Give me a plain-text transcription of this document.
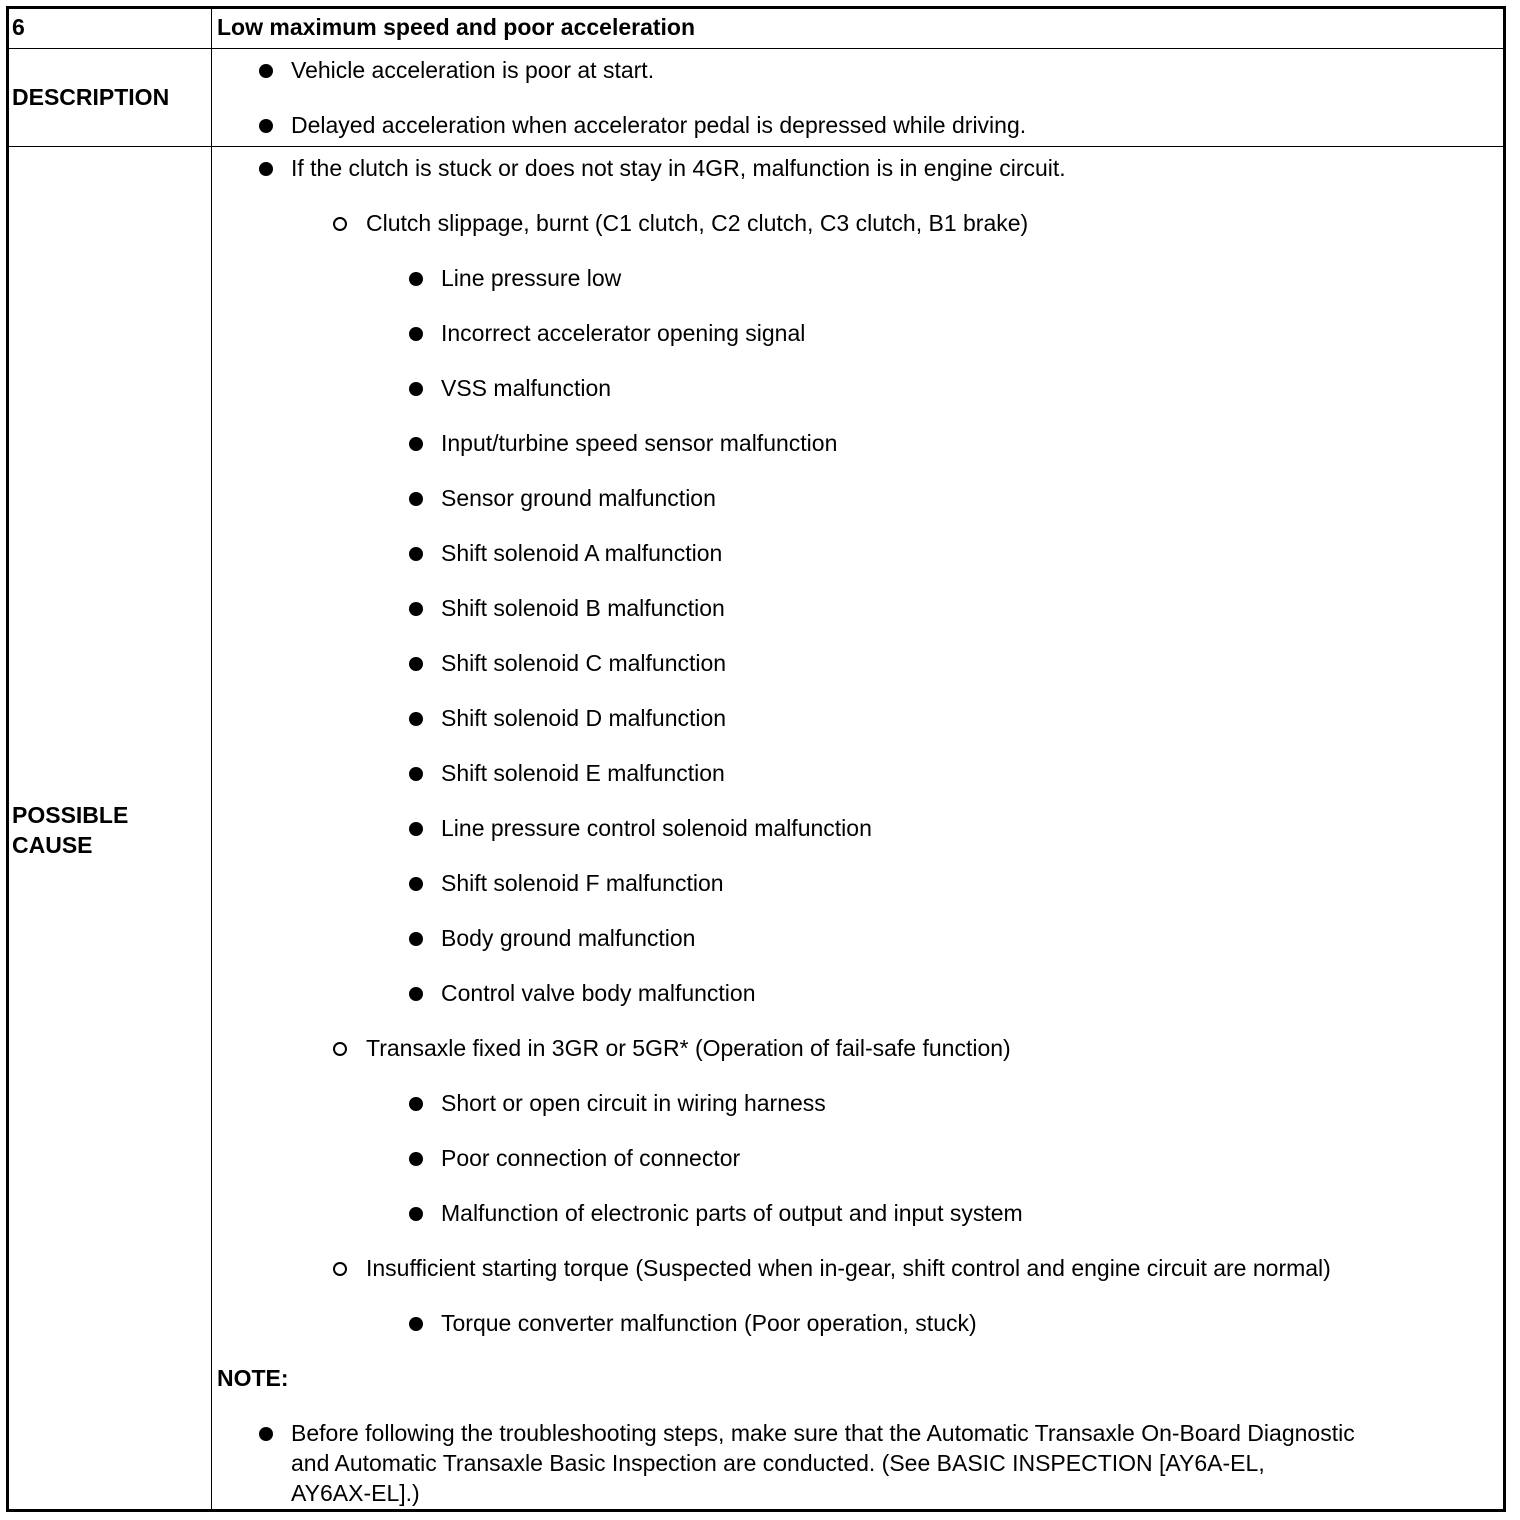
6	Low maximum speed and poor acceleration
DESCRIPTION
Vehicle acceleration is poor at start.
Delayed acceleration when accelerator pedal is depressed while driving.
POSSIBLE
CAUSE
If the clutch is stuck or does not stay in 4GR, malfunction is in engine circuit.
Clutch slippage, burnt (C1 clutch, C2 clutch, C3 clutch, B1 brake)
Line pressure low
Incorrect accelerator opening signal
VSS malfunction
Input/turbine speed sensor malfunction
Sensor ground malfunction
Shift solenoid A malfunction
Shift solenoid B malfunction
Shift solenoid C malfunction
Shift solenoid D malfunction
Shift solenoid E malfunction
Line pressure control solenoid malfunction
Shift solenoid F malfunction
Body ground malfunction
Control valve body malfunction
Transaxle fixed in 3GR or 5GR* (Operation of fail-safe function)
Short or open circuit in wiring harness
Poor connection of connector
Malfunction of electronic parts of output and input system
Insufficient starting torque (Suspected when in-gear, shift control and engine circuit are normal)
Torque converter malfunction (Poor operation, stuck)
NOTE:
Before following the troubleshooting steps, make sure that the Automatic Transaxle On-Board Diagnostic
and Automatic Transaxle Basic Inspection are conducted. (See BASIC INSPECTION [AY6A-EL,
AY6AX-EL].)
